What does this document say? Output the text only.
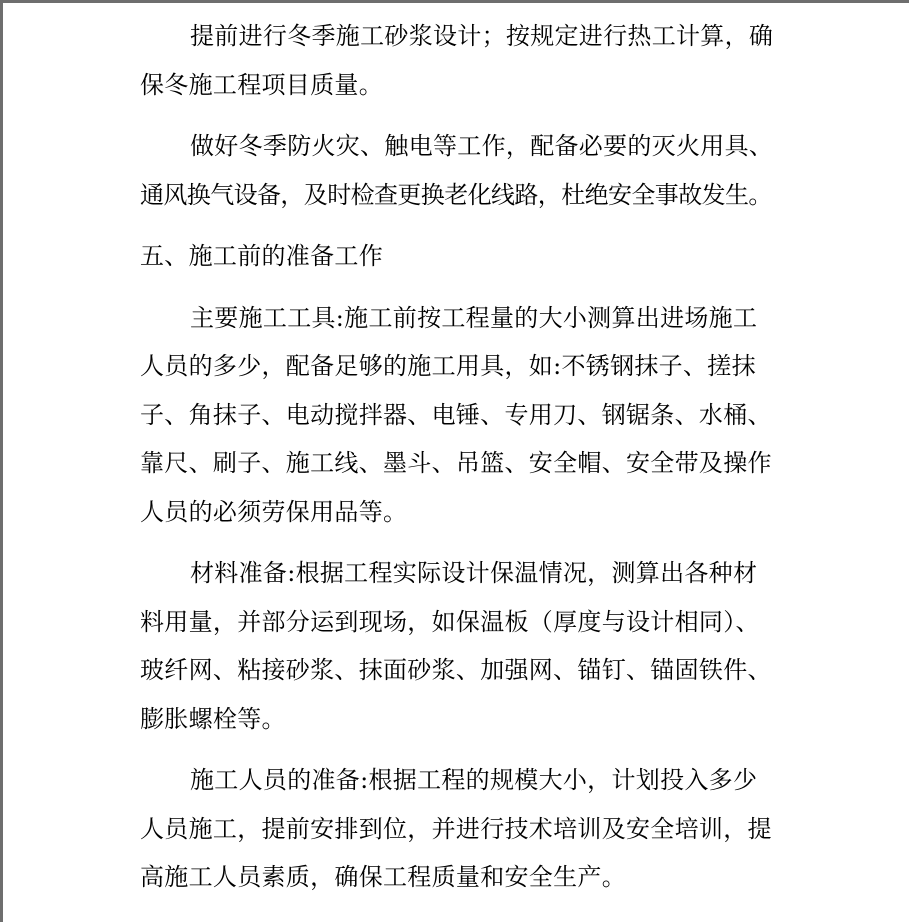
提前进行冬季施工砂浆设计；按规定进行热工计算，确
保冬施工程项目质量。
做好冬季防火灾、触电等工作，配备必要的灭火用具、
通风换气设备，及时检查更换老化线路，杜绝安全事故发生。
五、施工前的准备工作
主要施工工具:施工前按工程量的大小测算出进场施工
人员的多少，配备足够的施工用具，如:不锈钢抹子、搓抹
子、角抹子、电动搅拌器、电锤、专用刀、钢锯条、水桶、
靠尺、刷子、施工线、墨斗、吊篮、安全帽、安全带及操作
人员的必须劳保用品等。
材料准备:根据工程实际设计保温情况，测算出各种材
料用量，并部分运到现场，如保温板（厚度与设计相同）、
玻纤网、粘接砂浆、抹面砂浆、加强网、锚钉、锚固铁件、
膨胀螺栓等。
施工人员的准备:根据工程的规模大小，计划投入多少
人员施工，提前安排到位，并进行技术培训及安全培训，提
高施工人员素质，确保工程质量和安全生产。
